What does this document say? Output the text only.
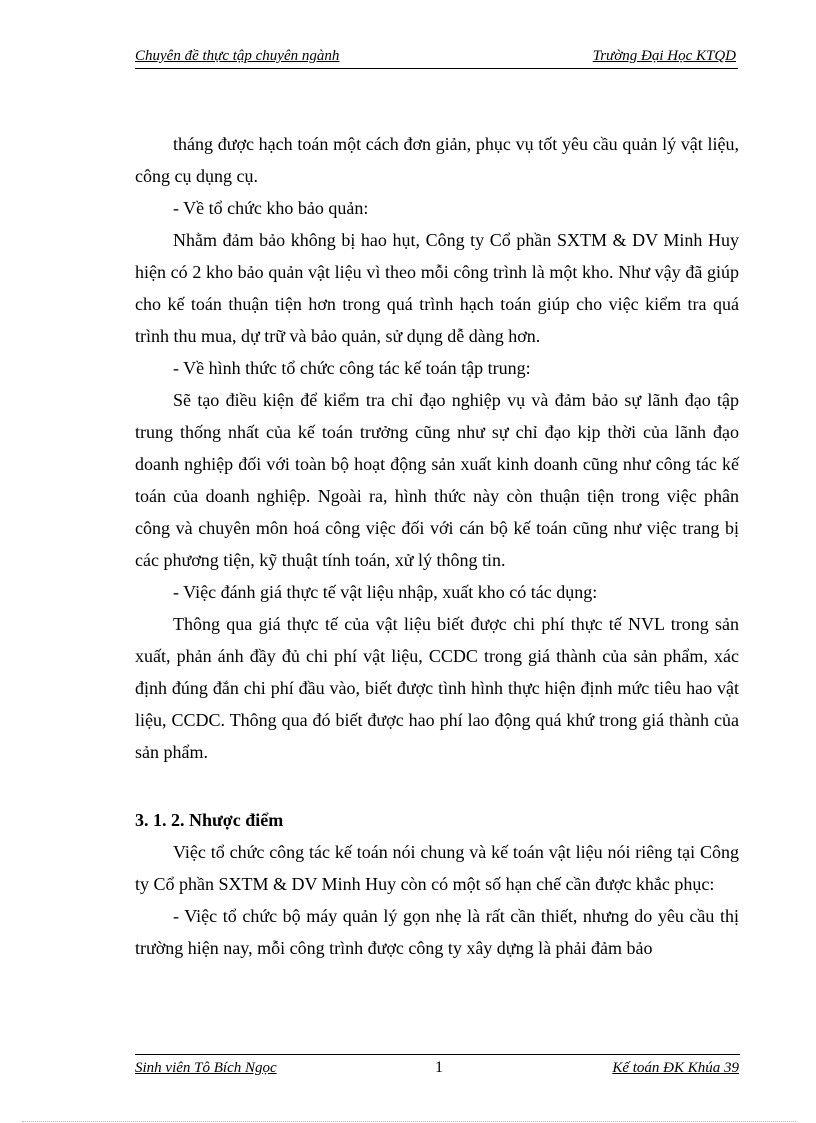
Chuyên đề thực tập chuyên ngành	Trường Đại Học KTQD

tháng được hạch toán một cách đơn giản, phục vụ tốt yêu cầu quản lý vật liệu, công cụ dụng cụ.

- Về tổ chức kho bảo quản:

Nhằm đảm bảo không bị hao hụt, Công ty Cổ phần SXTM & DV Minh Huy hiện có 2 kho bảo quản vật liệu vì theo mỗi công trình là một kho. Như vậy đã giúp cho kế toán thuận tiện hơn trong quá trình hạch toán giúp cho việc kiểm tra quá trình thu mua, dự trữ và bảo quản, sử dụng dễ dàng hơn.

- Về hình thức tổ chức công tác kế toán tập trung:

Sẽ tạo điều kiện để kiểm tra chỉ đạo nghiệp vụ và đảm bảo sự lãnh đạo tập trung thống nhất của kế toán trưởng cũng như sự chỉ đạo kịp thời của lãnh đạo doanh nghiệp đối với toàn bộ hoạt động sản xuất kinh doanh cũng như công tác kế toán của doanh nghiệp. Ngoài ra, hình thức này còn thuận tiện trong việc phân công và chuyên môn hoá công việc đối với cán bộ kế toán cũng như việc trang bị các phương tiện, kỹ thuật tính toán, xử lý thông tin.

- Việc đánh giá thực tế vật liệu nhập, xuất kho có tác dụng:

Thông qua giá thực tế của vật liệu biết được chi phí thực tế NVL trong sản xuất, phản ánh đầy đủ chi phí vật liệu, CCDC trong giá thành của sản phẩm, xác định đúng đắn chi phí đầu vào, biết được tình hình thực hiện định mức tiêu hao vật liệu, CCDC. Thông qua đó biết được hao phí lao động quá khứ trong giá thành của sản phẩm.

3. 1. 2. Nhược điểm

Việc tổ chức công tác kế toán nói chung và kế toán vật liệu nói riêng tại Công ty Cổ phần SXTM & DV Minh Huy còn có một số hạn chế cần được khắc phục:

- Việc tổ chức bộ máy quản lý gọn nhẹ là rất cần thiết, nhưng do yêu cầu thị trường hiện nay, mỗi công trình được công ty xây dựng là phải đảm bảo

Sinh viên Tô Bích Ngọc	1	Kế toán ĐK Khúa 39
